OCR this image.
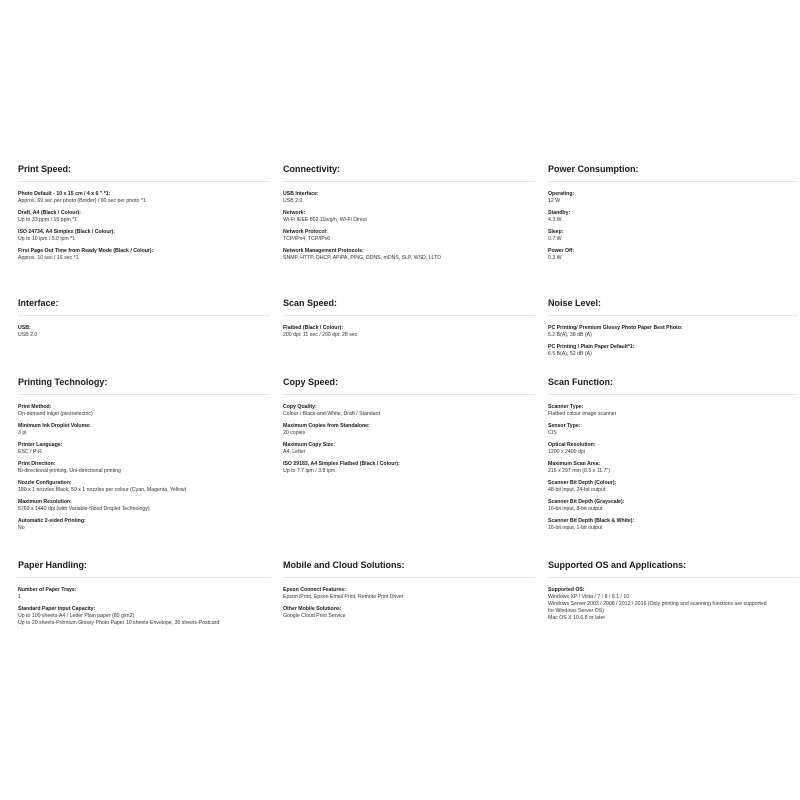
Print Speed:
Photo Default - 10 x 15 cm / 4 x 6 " *1:
Approx. 69 sec per photo (Border) / 90 sec per photo *1
Draft, A4 (Black / Colour):
Up to 33 ppm / 15 ppm *1
ISO 24734, A4 Simplex (Black / Colour):
Up to 10 ipm / 5.0 ipm *1
First Page Out Time from Ready Mode (Black / Colour):
Approx. 10 sec / 16 sec *1
Connectivity:
USB Interface:
USB 2.0
Network:
Wi-Fi IEEE 802.11b/g/n, Wi-Fi Direct
Network Protocol:
TCP/IPv4, TCP/IPv6
Network Management Protocols:
SNMP, HTTP, DHCP, APIPA, PING, DDNS, mDNS, SLP, WSD, LLTD
Power Consumption:
Operating:
12 W
Standby:
4.3 W
Sleep:
0.7 W
Power Off:
0.3 W
Interface:
USB:
USB 2.0
Scan Speed:
Flatbed (Black / Colour):
200 dpi: 11 sec / 200 dpi: 28 sec
Noise Level:
PC Printing/ Premium Glossy Photo Paper Best Photo:
5.2 B(A), 38 dB (A)
PC Printing / Plain Paper Default*1:
6.5 B(A), 52 dB (A)
Printing Technology:
Print Method:
On-demand inkjet (piezoelectric)
Minimum Ink Droplet Volume:
3 pl
Printer Language:
ESC / P-R
Print Direction:
Bi-directional printing, Uni-directional printing
Nozzle Configuration:
180 x 1 nozzles Black, 59 x 1 nozzles per colour (Cyan, Magenta, Yellow)
Maximum Resolution:
5760 x 1440 dpi (with Variable-Sized Droplet Technology)
Automatic 2-sided Printing:
No
Copy Speed:
Copy Quality:
Colour / Black-and-White, Draft / Standard
Maximum Copies from Standalone:
20 copies
Maximum Copy Size:
A4, Letter
ISO 29183, A4 Simplex Flatbed (Black / Colour):
Up to 7.7 ipm / 3.8 ipm
Scan Function:
Scanner Type:
Flatbed colour image scanner
Sensor Type:
CIS
Optical Resolution:
1200 x 2400 dpi
Maximum Scan Area:
216 x 297 mm (8.5 x 11.7")
Scanner Bit Depth (Colour):
48-bit input, 24-bit output
Scanner Bit Depth (Grayscale):
16-bit input, 8-bit output
Scanner Bit Depth (Black & White):
16-bit input, 1-bit output
Paper Handling:
Number of Paper Trays:
1
Standard Paper Input Capacity:
Up to 100 sheets-A4 / Letter Plain paper (80 g/m2)
Up to 20 sheets-Premium Glossy Photo Paper 10 sheets-Envelope, 30 sheets-Postcard
Mobile and Cloud Solutions:
Epson Connect Features:
Epson iPrint, Epson Email Print, Remote Print Driver
Other Mobile Solutions:
Google Cloud Print Service
Supported OS and Applications:
Supported OS:
Windows XP / Vista / 7 / 8 / 8.1 / 10
Windows Server 2003 / 2008 / 2012 / 2016 (Only printing and scanning functions are supported
for Windows Server OS)
Mac OS X 10.6.8 or later
